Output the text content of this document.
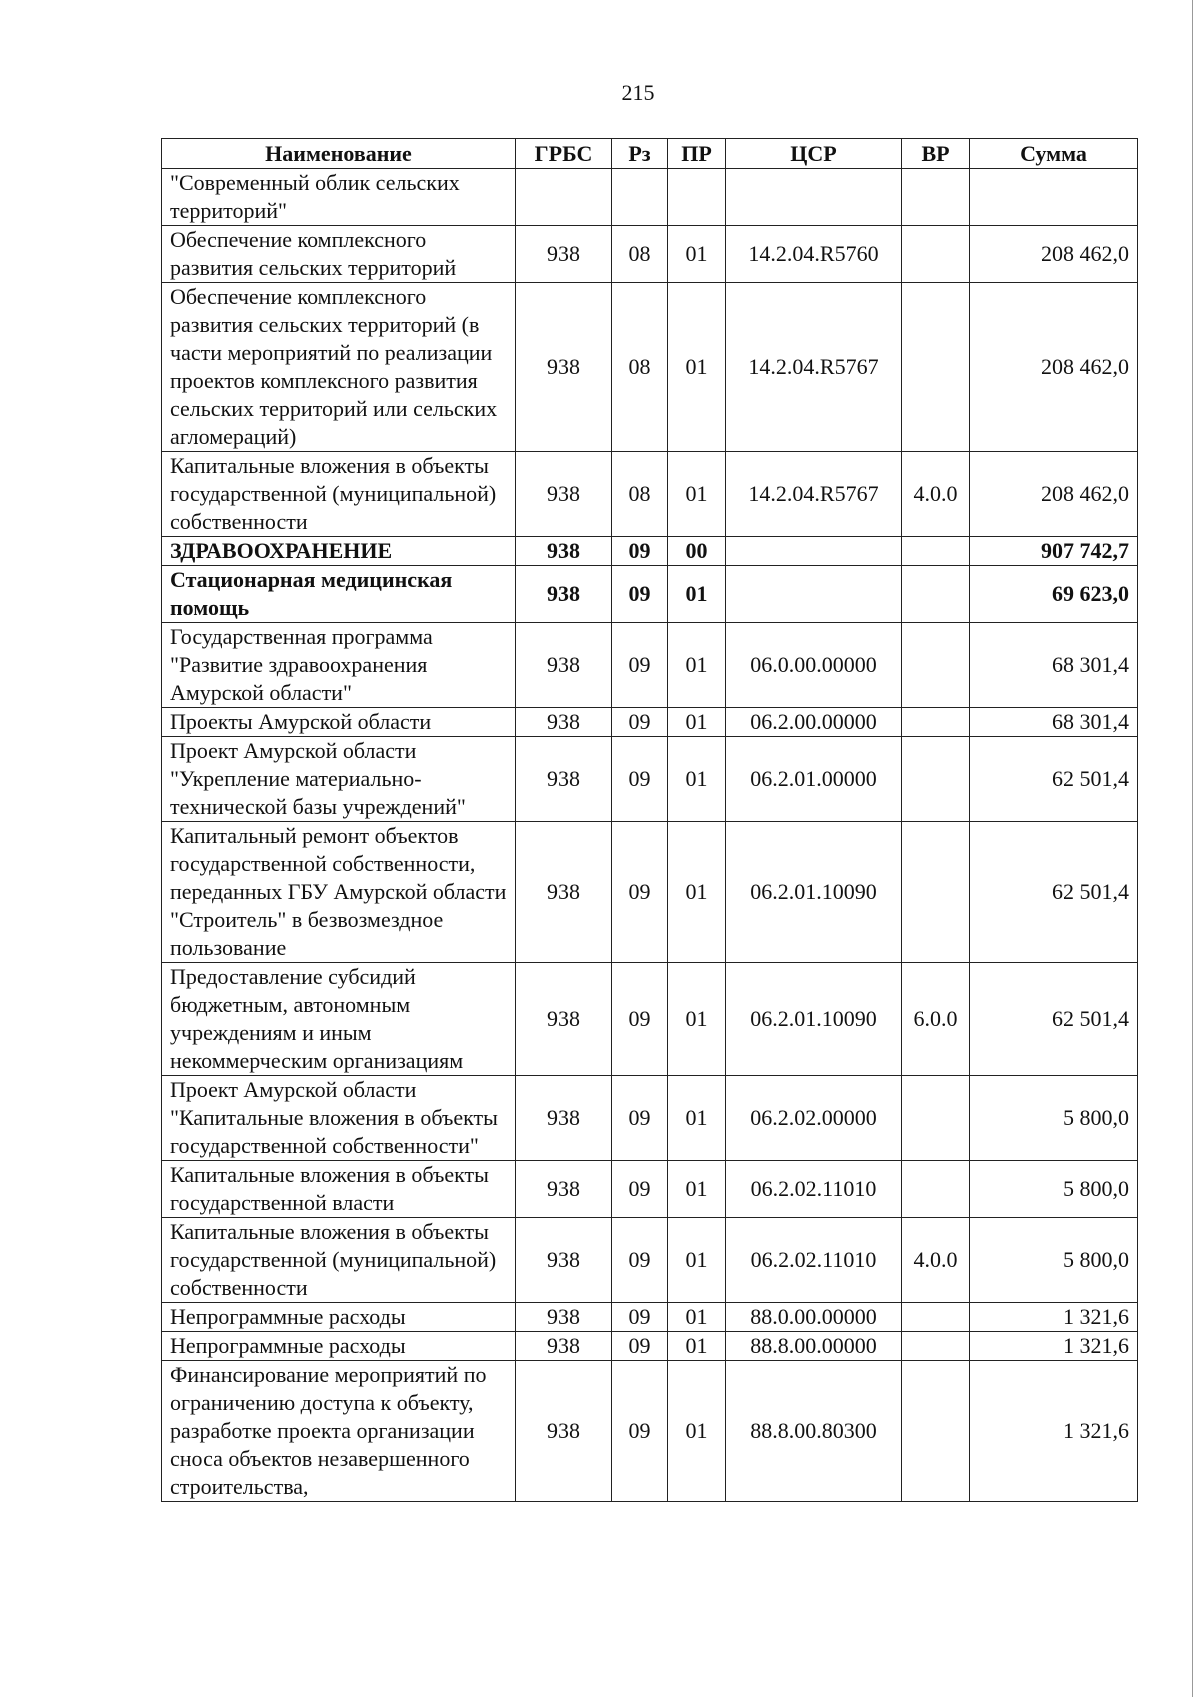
215
Наименование	ГРБС	Рз	ПР	ЦСР	ВР	Сумма
"Современный облик сельских территорий"						
Обеспечение комплексного развития сельских территорий	938	08	01	14.2.04.R5760		208 462,0
Обеспечение комплексного развития сельских территорий (в части мероприятий по реализации проектов комплексного развития сельских территорий или сельских агломераций)	938	08	01	14.2.04.R5767		208 462,0
Капитальные вложения в объекты государственной (муниципальной) собственности	938	08	01	14.2.04.R5767	4.0.0	208 462,0
ЗДРАВООХРАНЕНИЕ	938	09	00			907 742,7
Стационарная медицинская помощь	938	09	01			69 623,0
Государственная программа "Развитие здравоохранения Амурской области"	938	09	01	06.0.00.00000		68 301,4
Проекты Амурской области	938	09	01	06.2.00.00000		68 301,4
Проект Амурской области "Укрепление материально-технической базы учреждений"	938	09	01	06.2.01.00000		62 501,4
Капитальный ремонт объектов государственной собственности, переданных ГБУ Амурской области "Строитель" в безвозмездное пользование	938	09	01	06.2.01.10090		62 501,4
Предоставление субсидий бюджетным, автономным учреждениям и иным некоммерческим организациям	938	09	01	06.2.01.10090	6.0.0	62 501,4
Проект Амурской области "Капитальные вложения в объекты государственной собственности"	938	09	01	06.2.02.00000		5 800,0
Капитальные вложения в объекты государственной власти	938	09	01	06.2.02.11010		5 800,0
Капитальные вложения в объекты государственной (муниципальной) собственности	938	09	01	06.2.02.11010	4.0.0	5 800,0
Непрограммные расходы	938	09	01	88.0.00.00000		1 321,6
Непрограммные расходы	938	09	01	88.8.00.00000		1 321,6
Финансирование мероприятий по ограничению доступа к объекту, разработке проекта организации сноса объектов незавершенного строительства,	938	09	01	88.8.00.80300		1 321,6
